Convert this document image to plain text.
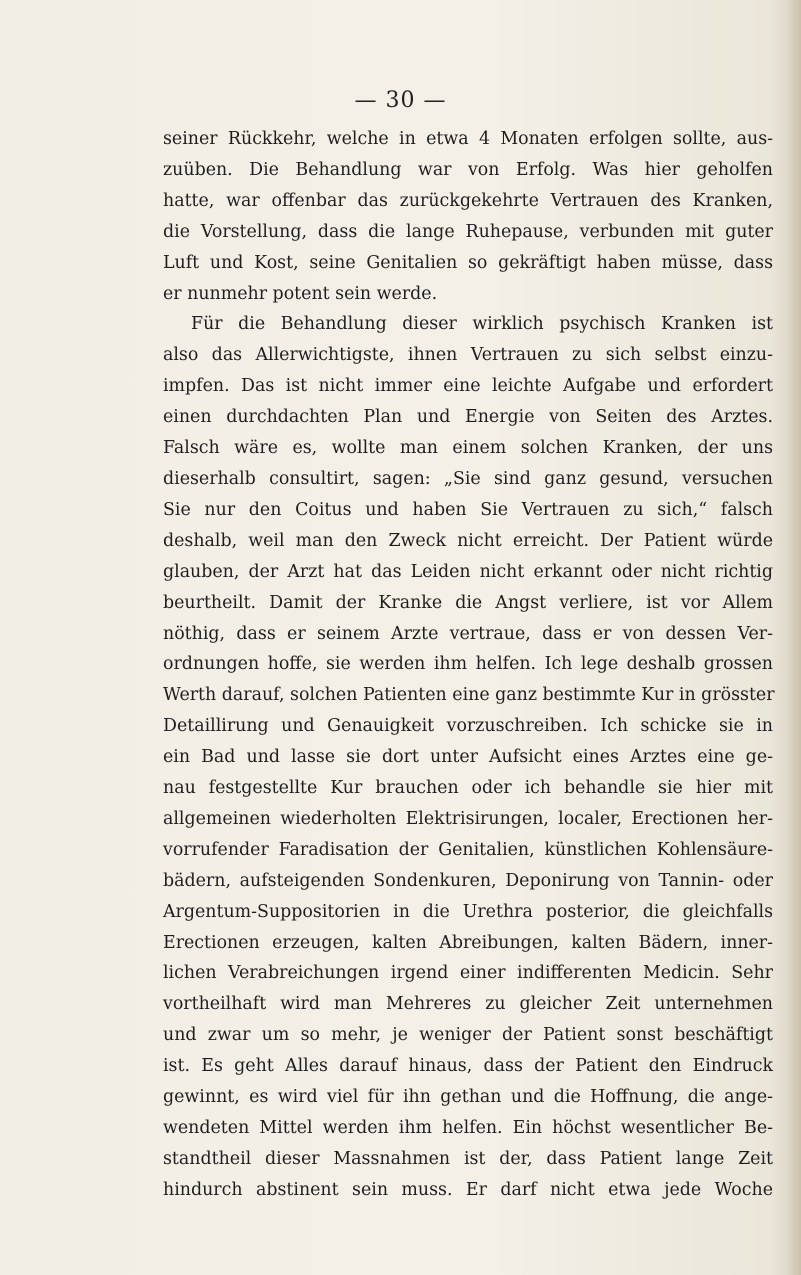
— 30 —
seiner Rückkehr, welche in etwa 4 Monaten erfolgen sollte, aus-
zuüben. Die Behandlung war von Erfolg. Was hier geholfen
hatte, war offenbar das zurückgekehrte Vertrauen des Kranken,
die Vorstellung, dass die lange Ruhepause, verbunden mit guter
Luft und Kost, seine Genitalien so gekräftigt haben müsse, dass
er nunmehr potent sein werde.
Für die Behandlung dieser wirklich psychisch Kranken ist
also das Allerwichtigste, ihnen Vertrauen zu sich selbst einzu-
impfen. Das ist nicht immer eine leichte Aufgabe und erfordert
einen durchdachten Plan und Energie von Seiten des Arztes.
Falsch wäre es, wollte man einem solchen Kranken, der uns
dieserhalb consultirt, sagen: „Sie sind ganz gesund, versuchen
Sie nur den Coitus und haben Sie Vertrauen zu sich,“ falsch
deshalb, weil man den Zweck nicht erreicht. Der Patient würde
glauben, der Arzt hat das Leiden nicht erkannt oder nicht richtig
beurtheilt. Damit der Kranke die Angst verliere, ist vor Allem
nöthig, dass er seinem Arzte vertraue, dass er von dessen Ver-
ordnungen hoffe, sie werden ihm helfen. Ich lege deshalb grossen
Werth darauf, solchen Patienten eine ganz bestimmte Kur in grösster
Detaillirung und Genauigkeit vorzuschreiben. Ich schicke sie in
ein Bad und lasse sie dort unter Aufsicht eines Arztes eine ge-
nau festgestellte Kur brauchen oder ich behandle sie hier mit
allgemeinen wiederholten Elektrisirungen, localer, Erectionen her-
vorrufender Faradisation der Genitalien, künstlichen Kohlensäure-
bädern, aufsteigenden Sondenkuren, Deponirung von Tannin- oder
Argentum-Suppositorien in die Urethra posterior, die gleichfalls
Erectionen erzeugen, kalten Abreibungen, kalten Bädern, inner-
lichen Verabreichungen irgend einer indifferenten Medicin. Sehr
vortheilhaft wird man Mehreres zu gleicher Zeit unternehmen
und zwar um so mehr, je weniger der Patient sonst beschäftigt
ist. Es geht Alles darauf hinaus, dass der Patient den Eindruck
gewinnt, es wird viel für ihn gethan und die Hoffnung, die ange-
wendeten Mittel werden ihm helfen. Ein höchst wesentlicher Be-
standtheil dieser Massnahmen ist der, dass Patient lange Zeit
hindurch abstinent sein muss. Er darf nicht etwa jede Woche
